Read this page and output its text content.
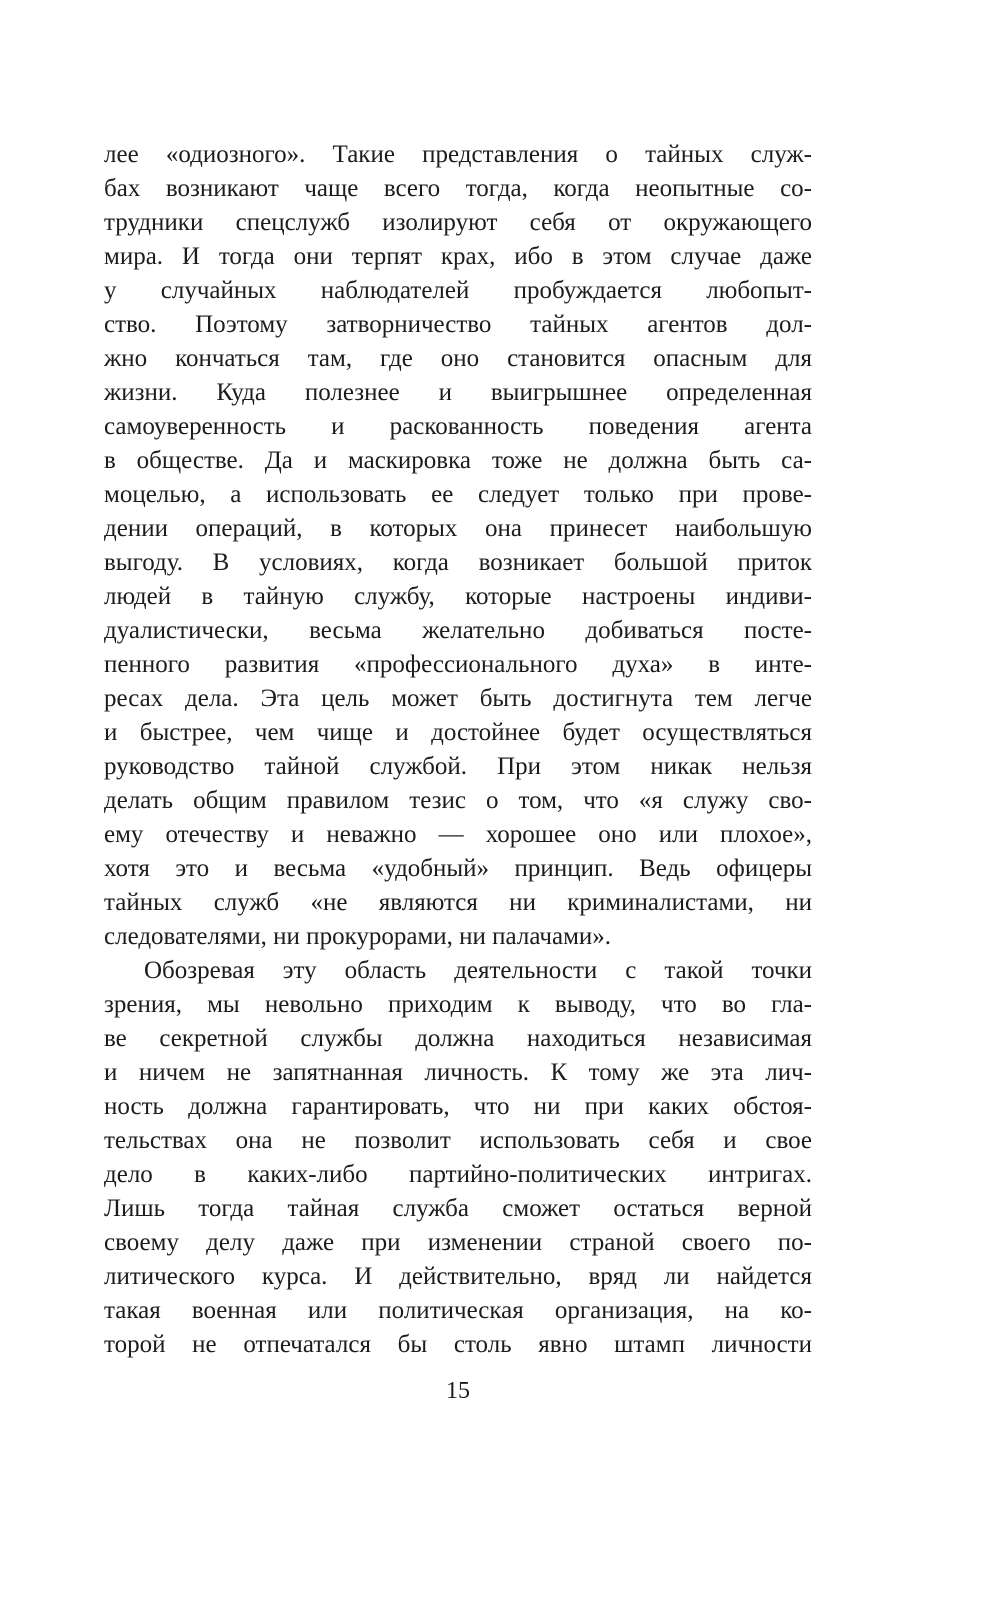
лее «одиозного». Такие представления о тайных служ-
бах возникают чаще всего тогда, когда неопытные со-
трудники спецслужб изолируют себя от окружающего
мира. И тогда они терпят крах, ибо в этом случае даже
у случайных наблюдателей пробуждается любопыт-
ство. Поэтому затворничество тайных агентов дол-
жно кончаться там, где оно становится опасным для
жизни. Куда полезнее и выигрышнее определенная
самоуверенность и раскованность поведения агента
в обществе. Да и маскировка тоже не должна быть са-
моцелью, а использовать ее следует только при прове-
дении операций, в которых она принесет наибольшую
выгоду. В условиях, когда возникает большой приток
людей в тайную службу, которые настроены индиви-
дуалистически, весьма желательно добиваться посте-
пенного развития «профессионального духа» в инте-
ресах дела. Эта цель может быть достигнута тем легче
и быстрее, чем чище и достойнее будет осуществляться
руководство тайной службой. При этом никак нельзя
делать общим правилом тезис о том, что «я служу сво-
ему отечеству и неважно — хорошее оно или плохое»,
хотя это и весьма «удобный» принцип. Ведь офицеры
тайных служб «не являются ни криминалистами, ни
следователями, ни прокурорами, ни палачами».
Обозревая эту область деятельности с такой точки
зрения, мы невольно приходим к выводу, что во гла-
ве секретной службы должна находиться независимая
и ничем не запятнанная личность. К тому же эта лич-
ность должна гарантировать, что ни при каких обстоя-
тельствах она не позволит использовать себя и свое
дело в каких-либо партийно-политических интригах.
Лишь тогда тайная служба сможет остаться верной
своему делу даже при изменении страной своего по-
литического курса. И действительно, вряд ли найдется
такая военная или политическая организация, на ко-
торой не отпечатался бы столь явно штамп личности
15
